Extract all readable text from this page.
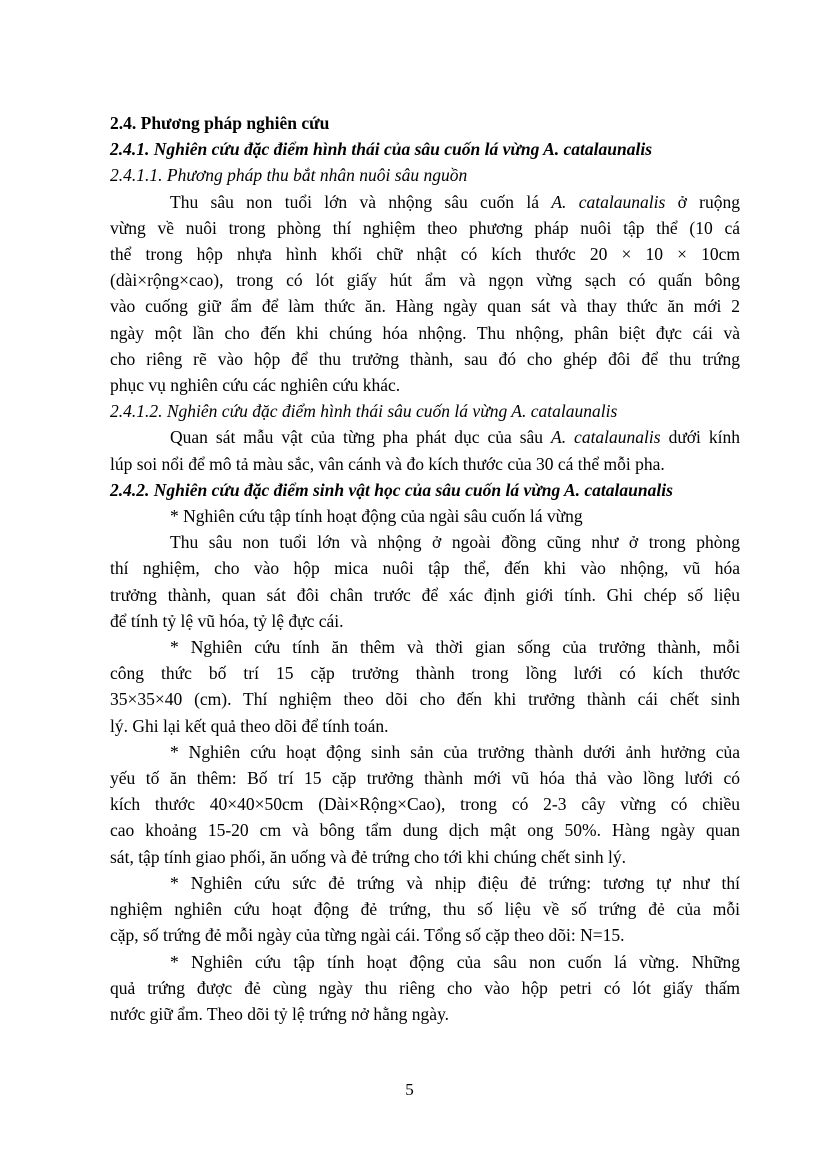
2.4. Phương pháp nghiên cứu

2.4.1. Nghiên cứu đặc điểm hình thái của sâu cuốn lá vừng A. catalaunalis

2.4.1.1. Phương pháp thu bắt nhân nuôi sâu nguồn

Thu sâu non tuổi lớn và nhộng sâu cuốn lá A. catalaunalis ở ruộng

vừng về nuôi trong phòng thí nghiệm theo phương pháp nuôi tập thể (10 cá

thể trong hộp nhựa hình khối chữ nhật có kích thước 20 × 10 × 10cm

(dài×rộng×cao), trong có lót giấy hút ẩm và ngọn vừng sạch có quấn bông

vào cuống giữ ẩm để làm thức ăn. Hàng ngày quan sát và thay thức ăn mới 2

ngày một lần cho đến khi chúng hóa nhộng. Thu nhộng, phân biệt đực cái và

cho riêng rẽ vào hộp để thu trưởng thành, sau đó cho ghép đôi để thu trứng

phục vụ nghiên cứu các nghiên cứu khác.

2.4.1.2. Nghiên cứu đặc điểm hình thái sâu cuốn lá vừng A. catalaunalis

Quan sát mẫu vật của từng pha phát dục của sâu A. catalaunalis dưới kính

lúp soi nổi để mô tả màu sắc, vân cánh và đo kích thước của 30 cá thể mỗi pha.

2.4.2. Nghiên cứu đặc điểm sinh vật học của sâu cuốn lá vừng A. catalaunalis

* Nghiên cứu tập tính hoạt động của ngài sâu cuốn lá vừng

Thu sâu non tuổi lớn và nhộng ở ngoài đồng cũng như ở trong phòng

thí nghiệm, cho vào hộp mica nuôi tập thể, đến khi vào nhộng, vũ hóa

trưởng thành, quan sát đôi chân trước để xác định giới tính. Ghi chép số liệu

để tính tỷ lệ vũ hóa, tỷ lệ đực cái.

* Nghiên cứu tính ăn thêm và thời gian sống của trưởng thành, mỗi

công thức bố trí 15 cặp trưởng thành trong lồng lưới có kích thước

35×35×40 (cm). Thí nghiệm theo dõi cho đến khi trưởng thành cái chết sinh

lý. Ghi lại kết quả theo dõi để tính toán.

* Nghiên cứu hoạt động sinh sản của trưởng thành dưới ảnh hưởng của

yếu tố ăn thêm: Bố trí 15 cặp trưởng thành mới vũ hóa thả vào lồng lưới có

kích thước 40×40×50cm (Dài×Rộng×Cao), trong có 2-3 cây vừng có chiều

cao khoảng 15-20 cm và bông tẩm dung dịch mật ong 50%. Hàng ngày quan

sát, tập tính giao phối, ăn uống và đẻ trứng cho tới khi chúng chết sinh lý.

* Nghiên cứu sức đẻ trứng và nhịp điệu đẻ trứng: tương tự như thí

nghiệm nghiên cứu hoạt động đẻ trứng, thu số liệu về số trứng đẻ của mỗi

cặp, số trứng đẻ mỗi ngày của từng ngài cái. Tổng số cặp theo dõi: N=15.

* Nghiên cứu tập tính hoạt động của sâu non cuốn lá vừng. Những

quả trứng được đẻ cùng ngày thu riêng cho vào hộp petri có lót giấy thấm

nước giữ ẩm. Theo dõi tỷ lệ trứng nở hằng ngày.

5
